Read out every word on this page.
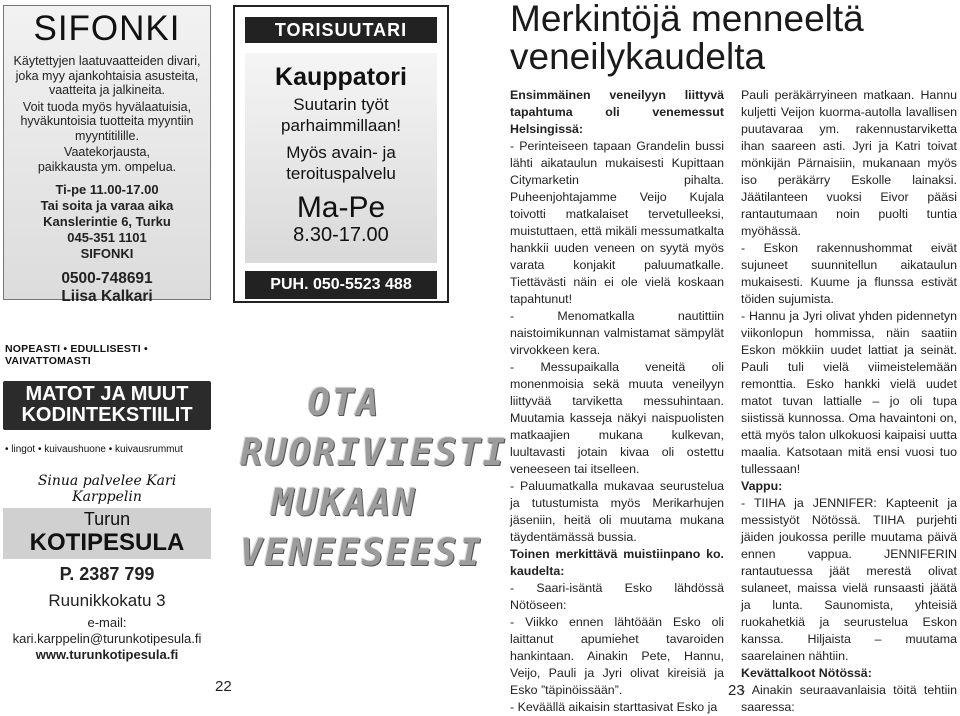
SIFONKI
Käytettyjen laatuvaatteiden divari, joka myy ajankohtaisia asusteita, vaatteita ja jalkineita.
Voit tuoda myös hyvälaatuisia, hyväkuntoisia tuotteita myyntiin myyntitilille.
Vaatekorjausta, paikkausta ym. ompelua.
Ti-pe 11.00-17.00
Tai soita ja varaa aika
Kanslerintie 6, Turku
045-351 1101
SIFONKI
0500-748691
Liisa Kalkari
NOPEASTI • EDULLISESTI • VAIVATTOMASTI
MATOT JA MUUT
KODINTEKSTIILIT
• lingot • kuivaushuone • kuivausrummut
Sinua palvelee Kari Karppelin
Turun
KOTIPESULA
P. 2387 799
Ruunikkokatu 3
e-mail:
kari.karppelin@turunkotipesula.fi
www.turunkotipesula.fi
TORISUUTARI
Kauppatori
Suutarin työt
parhaimmillaan!
Myös avain- ja
teroituspalvelu
Ma-Pe
8.30-17.00
PUH. 050-5523 488
OTA
RUORIVIESTI
MUKAAN
VENEESEESI
22	23
Merkintöjä menneeltä veneilykaudelta

Ensimmäinen veneilyyn liittyvä tapahtuma oli venemessut Helsingissä:

- Perinteiseen tapaan Grandelin bussi lähti aikataulun mukaisesti Kupittaan Citymarketin pihalta. Puheenjohtajamme Veijo Kujala toivotti matkalaiset tervetulleeksi, muistuttaen, että mikäli messumatkalta hankkii uuden veneen on syytä myös varata konjakit paluumatkalle. Tiettävästi näin ei ole vielä koskaan tapahtunut!

- Menomatkalla nautittiin naistoimikunnan valmistamat sämpylät virvokkeen kera.

- Messupaikalla veneitä oli monenmoisia sekä muuta veneilyyn liittyvää tarviketta messuhintaan. Muutamia kasseja näkyi naispuolisten matkaajien mukana kulkevan, luultavasti jotain kivaa oli ostettu veneeseen tai itselleen.

- Paluumatkalla mukavaa seurustelua ja tutustumista myös Merikarhujen jäseniin, heitä oli muutama mukana täydentämässä bussia.

Toinen merkittävä muistiinpano ko. kaudelta:

- Saari-isäntä Esko lähdössä Nötöseen:

- Viikko ennen lähtöään Esko oli laittanut apumiehet tavaroiden hankintaan. Ainakin Pete, Hannu, Veijo, Pauli ja Jyri olivat kireisiä ja Esko ”täpinöissään”.

- Keväällä aikaisin starttasivat Esko ja

Pauli peräkärryineen matkaan. Hannu kuljetti Veijon kuorma-autolla lavallisen puutavaraa ym. rakennustarviketta ihan saareen asti. Jyri ja Katri toivat mönkijän Pärnaisiin, mukanaan myös iso peräkärry Eskolle lainaksi. Jäätilanteen vuoksi Eivor pääsi rantautumaan noin puolti tuntia myöhässä.

- Eskon rakennushommat eivät sujuneet suunnitellun aikataulun mukaisesti. Kuume ja flunssa estivät töiden sujumista.

- Hannu ja Jyri olivat yhden pidennetyn viikonlopun hommissa, näin saatiin Eskon mökkiin uudet lattiat ja seinät. Pauli tuli vielä viimeistelemään remonttia. Esko hankki vielä uudet matot tuvan lattialle – jo oli tupa siistissä kunnossa. Oma havaintoni on, että myös talon ulkokuosi kaipaisi uutta maalia. Katsotaan mitä ensi vuosi tuo tullessaan!

Vappu:

- TIIHA ja JENNIFER: Kapteenit ja messistyöt Nötössä. TIIHA purjehti jäiden joukossa perille muutama päivä ennen vappua. JENNIFERIN rantautuessa jäät merestä olivat sulaneet, maissa vielä runsaasti jäätä ja lunta. Saunomista, yhteisiä ruokahetkiä ja seurustelua Eskon kanssa. Hiljaista – muutama saarelainen nähtiin.

Kevättalkoot Nötössä:

- Ainakin seuraavanlaisia töitä tehtiin saaressa:
